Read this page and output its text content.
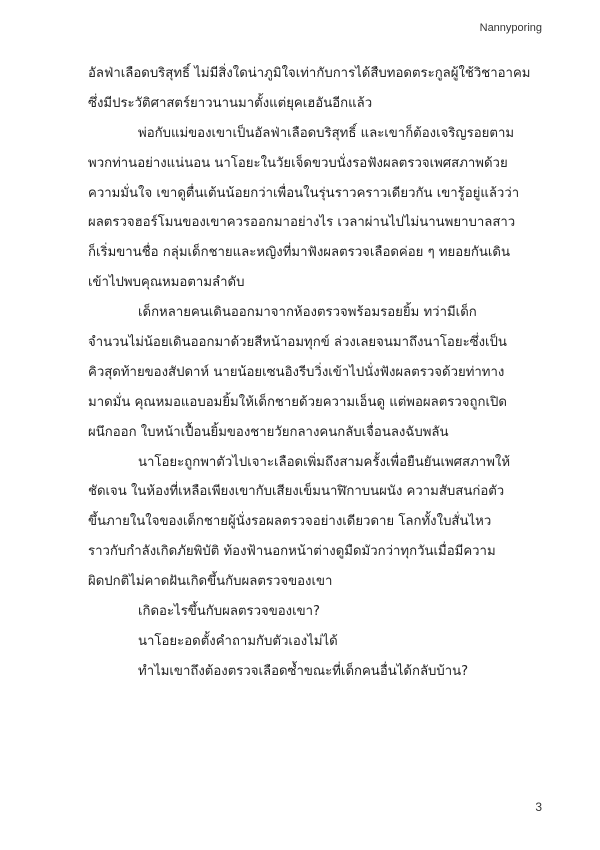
Nannyporing
อัลฟ่าเลือดบริสุทธิ์ ไม่มีสิ่งใดน่าภูมิใจเท่ากับการได้สืบทอดตระกูลผู้ใช้วิชาอาคม
ซึ่งมีประวัติศาสตร์ยาวนานมาตั้งแต่ยุคเฮอันอีกแล้ว
พ่อกับแม่ของเขาเป็นอัลฟ่าเลือดบริสุทธิ์ และเขาก็ต้องเจริญรอยตาม
พวกท่านอย่างแน่นอน นาโอยะในวัยเจ็ดขวบนั่งรอฟังผลตรวจเพศสภาพด้วย
ความมั่นใจ เขาดูตื่นเต้นน้อยกว่าเพื่อนในรุ่นราวคราวเดียวกัน เขารู้อยู่แล้วว่า
ผลตรวจฮอร์โมนของเขาควรออกมาอย่างไร เวลาผ่านไปไม่นานพยาบาลสาว
ก็เริ่มขานชื่อ กลุ่มเด็กชายและหญิงที่มาฟังผลตรวจเลือดค่อย ๆ ทยอยกันเดิน
เข้าไปพบคุณหมอตามลำดับ
เด็กหลายคนเดินออกมาจากห้องตรวจพร้อมรอยยิ้ม ทว่ามีเด็ก
จำนวนไม่น้อยเดินออกมาด้วยสีหน้าอมทุกข์ ล่วงเลยจนมาถึงนาโอยะซึ่งเป็น
คิวสุดท้ายของสัปดาห์ นายน้อยเซนอิงรีบวิ่งเข้าไปนั่งฟังผลตรวจด้วยท่าทาง
มาดมั่น คุณหมอแอบอมยิ้มให้เด็กชายด้วยความเอ็นดู แต่พอผลตรวจถูกเปิด
ผนึกออก ใบหน้าเปื้อนยิ้มของชายวัยกลางคนกลับเจื่อนลงฉับพลัน
นาโอยะถูกพาตัวไปเจาะเลือดเพิ่มถึงสามครั้งเพื่อยืนยันเพศสภาพให้
ชัดเจน ในห้องที่เหลือเพียงเขากับเสียงเข็มนาฬิกาบนผนัง ความสับสนก่อตัว
ขึ้นภายในใจของเด็กชายผู้นั่งรอผลตรวจอย่างเดียวดาย โลกทั้งใบสั่นไหว
ราวกับกำลังเกิดภัยพิบัติ ท้องฟ้านอกหน้าต่างดูมืดมัวกว่าทุกวันเมื่อมีความ
ผิดปกติไม่คาดฝันเกิดขึ้นกับผลตรวจของเขา
เกิดอะไรขึ้นกับผลตรวจของเขา?
นาโอยะอดตั้งคำถามกับตัวเองไม่ได้
ทำไมเขาถึงต้องตรวจเลือดซ้ำขณะที่เด็กคนอื่นได้กลับบ้าน?
3
